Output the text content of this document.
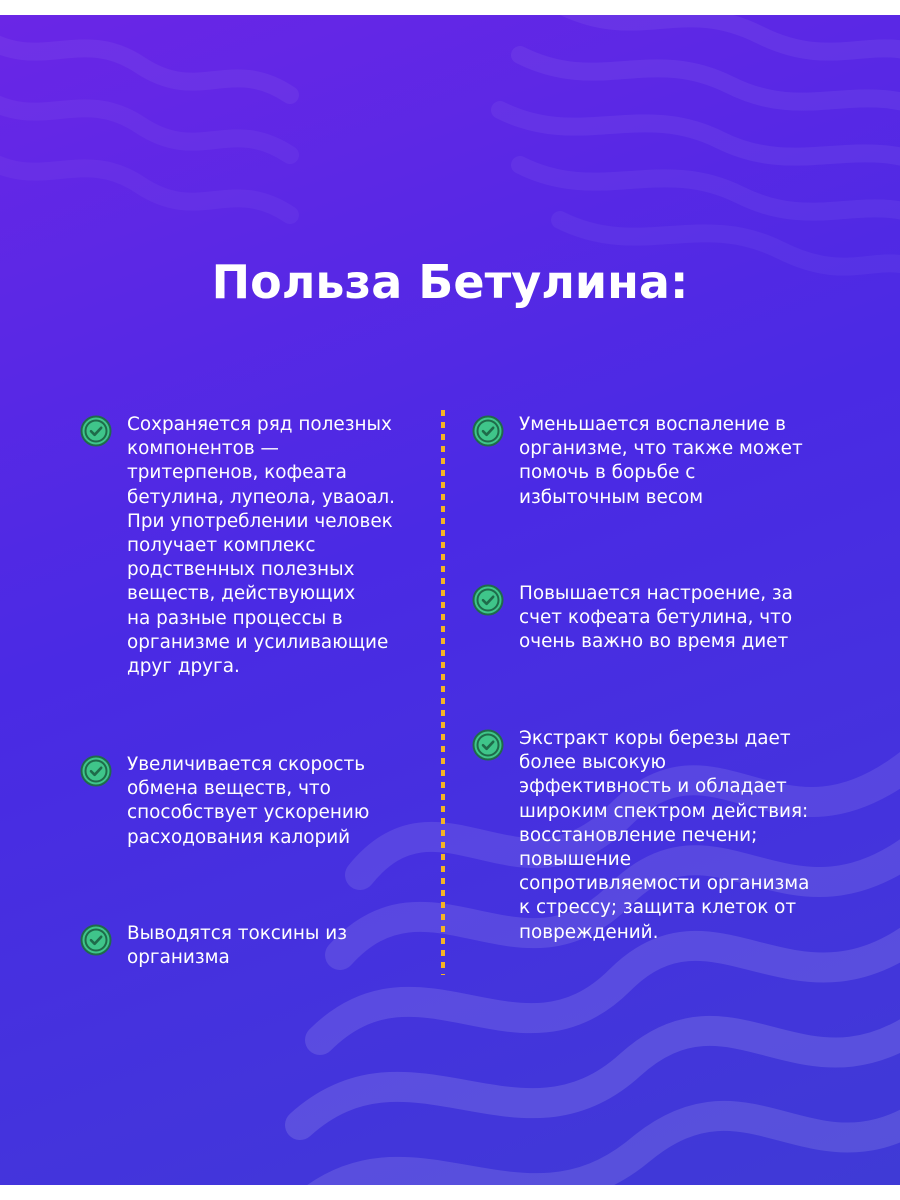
Польза Бетулина:
Сохраняется ряд полезных
компонентов —
тритерпенов, кофеата
бетулина, лупеола, уваоал.
При употреблении человек
получает комплекс
родственных полезных
веществ, действующих
на разные процессы в
организме и усиливающие
друг друга.
Увеличивается скорость
обмена веществ, что
способствует ускорению
расходования калорий
Выводятся токсины из
организма
Уменьшается воспаление в
организме, что также может
помочь в борьбе с
избыточным весом
Повышается настроение, за
счет кофеата бетулина, что
очень важно во время диет
Экстракт коры березы дает
более высокую
эффективность и обладает
широким спектром действия:
восстановление печени;
повышение
сопротивляемости организма
к стрессу; защита клеток от
повреждений.
